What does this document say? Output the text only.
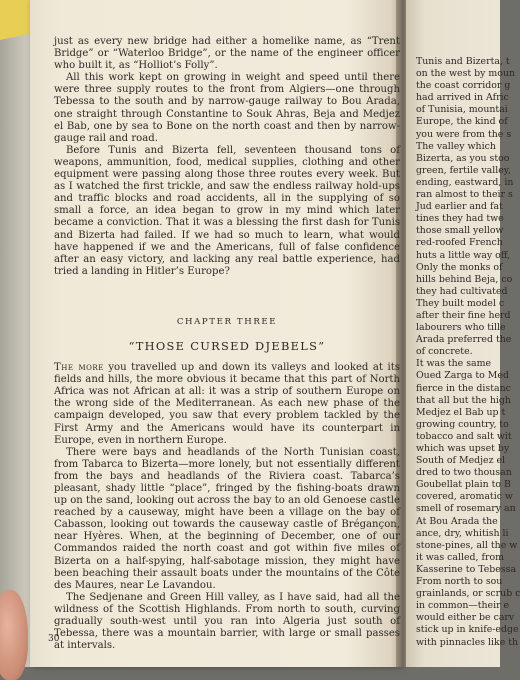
just as every new bridge had either a homelike name, as “Trent Bridge” or “Waterloo Bridge”, or the name of the engineer officer who built it, as “Holliot’s Folly”.

All this work kept on growing in weight and speed until there were three supply routes to the front from Algiers—one through Tebessa to the south and by narrow-gauge railway to Bou Arada, one straight through Constantine to Souk Ahras, Beja and Medjez el Bab, one by sea to Bone on the north coast and then by narrow-gauge rail and road.

Before Tunis and Bizerta fell, seventeen thousand tons of weapons, ammunition, food, medical supplies, clothing and other equipment were passing along those three routes every week. But as I watched the first trickle, and saw the endless railway hold-ups and traffic blocks and road accidents, all in the supplying of so small a force, an idea began to grow in my mind which later became a conviction. That it was a blessing the first dash for Tunis and Bizerta had failed. If we had so much to learn, what would have happened if we and the Americans, full of false confidence after an easy victory, and lacking any real battle experience, had tried a landing in Hitler’s Europe?

CHAPTER THREE
“THOSE CURSED DJEBELS”

The more you travelled up and down its valleys and looked at its fields and hills, the more obvious it became that this part of North Africa was not African at all: it was a strip of southern Europe on the wrong side of the Mediterranean. As each new phase of the campaign developed, you saw that every problem tackled by the First Army and the Americans would have its counterpart in Europe, even in northern Europe.

There were bays and headlands of the North Tunisian coast, from Tabarca to Bizerta—more lonely, but not essentially different from the bays and headlands of the Riviera coast. Tabarca’s pleasant, shady little “place”, fringed by the fishing-boats drawn up on the sand, looking out across the bay to an old Genoese castle reached by a causeway, might have been a village on the bay of Cabasson, looking out towards the causeway castle of Brégançon, near Hyères. When, at the beginning of December, one of our Commandos raided the north coast and got within five miles of Bizerta on a half-spying, half-sabotage mission, they might have been beaching their assault boats under the mountains of the Côte des Maures, near Le Lavandou.

The Sedjenane and Green Hill valley, as I have said, had all the wildness of the Scottish Highlands. From north to south, curving gradually south-west until you ran into Algeria just south of Tebessa, there was a mountain barrier, with large or small passes at intervals.

30
Tunis and Bizerta, t
on the west by moun
the coast corridor g
had arrived in Afric
of Tunisia, mountai
Europe, the kind of
you were from the s
The valley which
Bizerta, as you stoo
green, fertile valley,
ending, eastward, in
ran almost to their s
Jud earlier and fat
tines they had twe
those small yellow
red-roofed French
huts a little way off,
Only the monks of
hills behind Beja, co
they had cultivated
They built model c
after their fine herd
labourers who tille
Arada preferred the
of concrete.
It was the same
Oued Zarga to Med
fierce in the distanc
that all but the high
Medjez el Bab up t
growing country, to
tobacco and salt wit
which was upset by
South of Medjez el
dred to two thousan
Goubellat plain to B
covered, aromatic w
smell of rosemary an
At Bou Arada the
ance, dry, whitish li
stone-pines, all the w
it was called, from
Kasserine to Tebessa
From north to sou
grainlands, or scrub c
in common—their e
would either be carv
stick up in knife-edge
with pinnacles like th
